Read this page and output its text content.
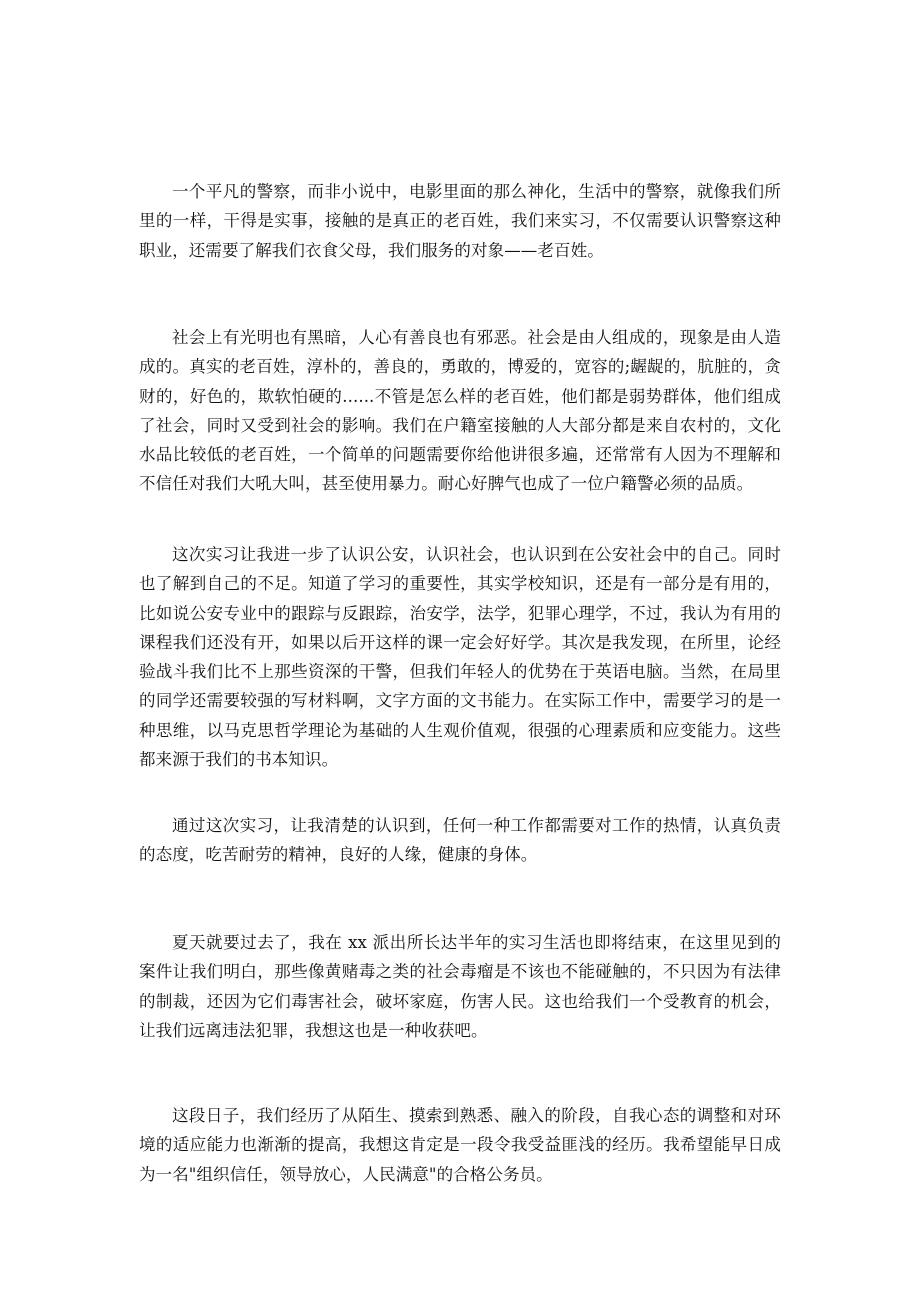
一个平凡的警察，而非小说中，电影里面的那么神化，生活中的警察，就像我们所里的一样，干得是实事，接触的是真正的老百姓，我们来实习，不仅需要认识警察这种职业，还需要了解我们衣食父母，我们服务的对象——老百姓。

社会上有光明也有黑暗，人心有善良也有邪恶。社会是由人组成的，现象是由人造成的。真实的老百姓，淳朴的，善良的，勇敢的，博爱的，宽容的;龌龊的，肮脏的，贪财的，好色的，欺软怕硬的......不管是怎么样的老百姓，他们都是弱势群体，他们组成了社会，同时又受到社会的影响。我们在户籍室接触的人大部分都是来自农村的，文化水品比较低的老百姓，一个简单的问题需要你给他讲很多遍，还常常有人因为不理解和不信任对我们大吼大叫，甚至使用暴力。耐心好脾气也成了一位户籍警必须的品质。

这次实习让我进一步了认识公安，认识社会，也认识到在公安社会中的自己。同时也了解到自己的不足。知道了学习的重要性，其实学校知识，还是有一部分是有用的，比如说公安专业中的跟踪与反跟踪，治安学，法学，犯罪心理学，不过，我认为有用的课程我们还没有开，如果以后开这样的课一定会好好学。其次是我发现，在所里，论经验战斗我们比不上那些资深的干警，但我们年轻人的优势在于英语电脑。当然，在局里的同学还需要较强的写材料啊，文字方面的文书能力。在实际工作中，需要学习的是一种思维，以马克思哲学理论为基础的人生观价值观，很强的心理素质和应变能力。这些都来源于我们的书本知识。

通过这次实习，让我清楚的认识到，任何一种工作都需要对工作的热情，认真负责的态度，吃苦耐劳的精神，良好的人缘，健康的身体。

夏天就要过去了，我在 xx 派出所长达半年的实习生活也即将结束，在这里见到的案件让我们明白，那些像黄赌毒之类的社会毒瘤是不该也不能碰触的，不只因为有法律的制裁，还因为它们毒害社会，破坏家庭，伤害人民。这也给我们一个受教育的机会，让我们远离违法犯罪，我想这也是一种收获吧。

这段日子，我们经历了从陌生、摸索到熟悉、融入的阶段，自我心态的调整和对环境的适应能力也渐渐的提高，我想这肯定是一段令我受益匪浅的经历。我希望能早日成为一名"组织信任，领导放心，人民满意"的合格公务员。
